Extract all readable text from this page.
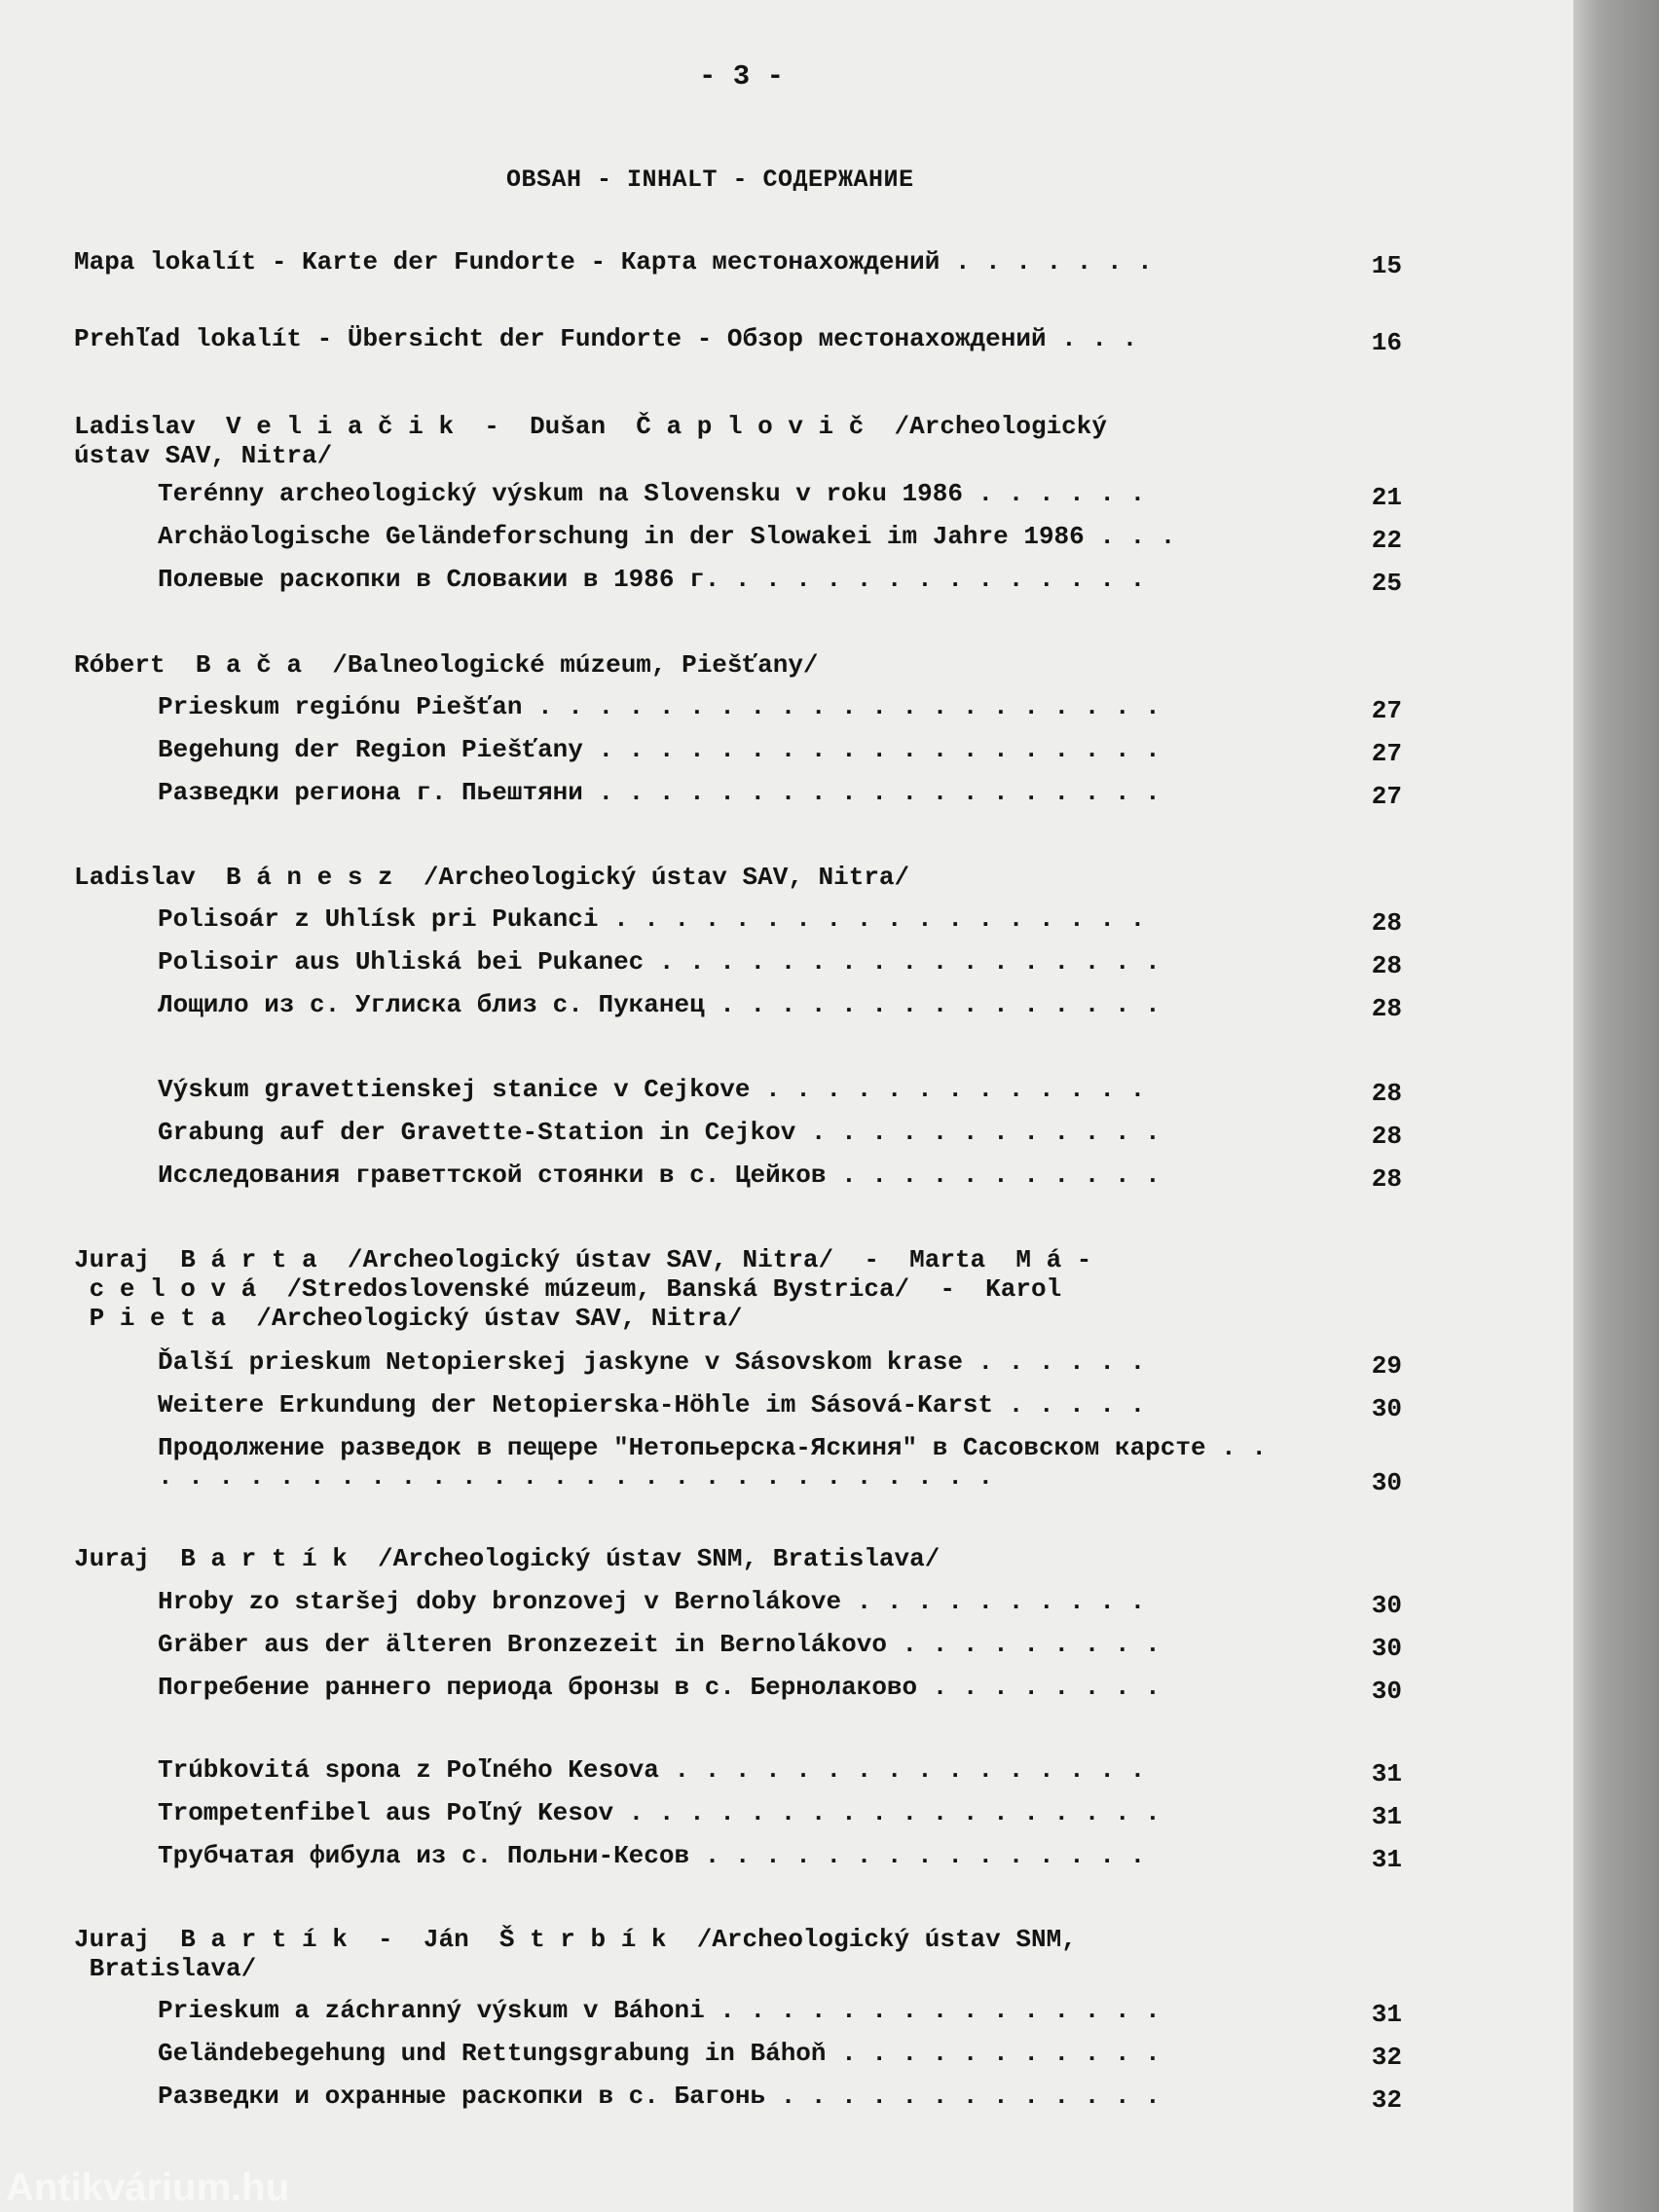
- 3 -
OBSAH - INHALT - СОДЕРЖАНИЕ
Mapa lokalít - Karte der Fundorte - Карта местонахождений . . . . . . .	15
Prehľad lokalít - Übersicht der Fundorte - Обзор местонахождений . . .	16
Ladislav  V e l i a č i k  -  Dušan  Č a p l o v i č  /Archeologický
ústav SAV, Nitra/
Terénny archeologický výskum na Slovensku v roku 1986 . . . . . .	21
Archäologische Geländeforschung in der Slowakei im Jahre 1986 . . .	22
Полевые раскопки в Словакии в 1986 г. . . . . . . . . . . . . . .	25
Róbert  B a č a  /Balneologické múzeum, Piešťany/
Prieskum regiónu Piešťan . . . . . . . . . . . . . . . . . . . . .	27
Begehung der Region Piešťany . . . . . . . . . . . . . . . . . . .	27
Разведки региона г. Пьештяни . . . . . . . . . . . . . . . . . . .	27
Ladislav  B á n e s z  /Archeologický ústav SAV, Nitra/
Polisoár z Uhlísk pri Pukanci . . . . . . . . . . . . . . . . . .	28
Polisoir aus Uhliská bei Pukanec . . . . . . . . . . . . . . . . .	28
Лощило из с. Углиска близ с. Пуканец . . . . . . . . . . . . . . .	28
Výskum gravettienskej stanice v Cejkove . . . . . . . . . . . . .	28
Grabung auf der Gravette-Station in Cejkov . . . . . . . . . . . .	28
Исследования граветтской стоянки в с. Цейков . . . . . . . . . . .	28
Juraj  B á r t a  /Archeologický ústav SAV, Nitra/  -  Marta  M á -
c e l o v á  /Stredoslovenské múzeum, Banská Bystrica/  -  Karol
P i e t a  /Archeologický ústav SAV, Nitra/
Ďalší prieskum Netopierskej jaskyne v Sásovskom krase . . . . . .	29
Weitere Erkundung der Netopierska-Höhle im Sásová-Karst . . . . .	30
Продолжение разведок в пещере "Нетопьерска-Яскиня" в Сасовском карсте . . . . . . . . . . . . . . . . . . . . . . . . . . . . . .	30
Juraj  B a r t í k  /Archeologický ústav SNM, Bratislava/
Hroby zo staršej doby bronzovej v Bernolákove . . . . . . . . . .	30
Gräber aus der älteren Bronzezeit in Bernolákovo . . . . . . . . .	30
Погребение раннего периода бронзы в с. Бернолаково . . . . . . . .	30
Trúbkovitá spona z Poľného Kesova . . . . . . . . . . . . . . . .	31
Trompetenfibel aus Poľný Kesov . . . . . . . . . . . . . . . . . .	31
Трубчатая фибула из с. Польни-Кесов . . . . . . . . . . . . . . .	31
Juraj  B a r t í k  -  Ján  Š t r b í k  /Archeologický ústav SNM,
Bratislava/
Prieskum a záchranný výskum v Báhoni . . . . . . . . . . . . . . .	31
Geländebegehung und Rettungsgrabung in Báhoň . . . . . . . . . . .	32
Разведки и охранные раскопки в с. Багонь . . . . . . . . . . . . .	32
Antikvárium.hu
